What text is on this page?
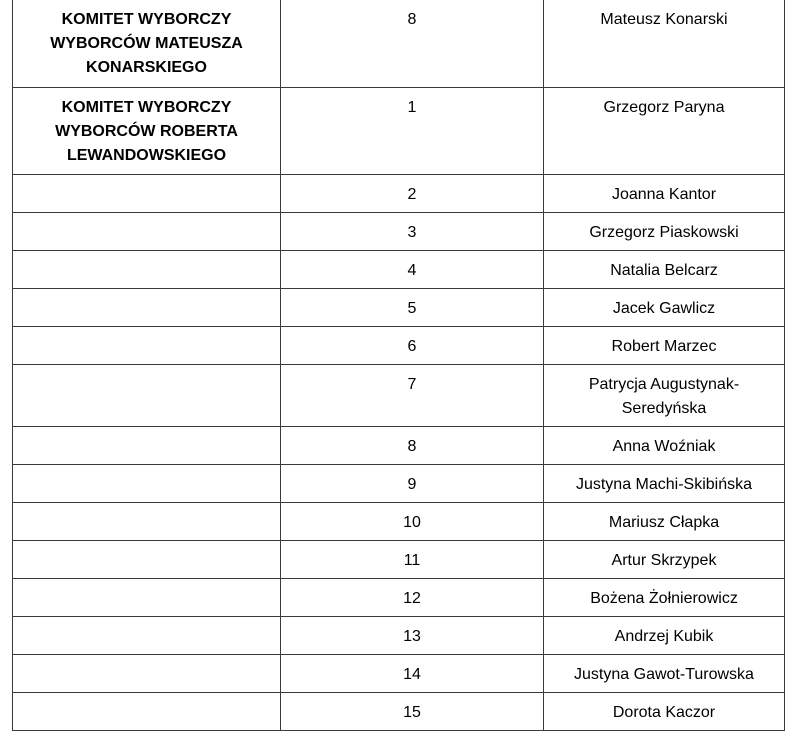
KOMITET WYBORCZY WYBORCÓW MATEUSZA KONARSKIEGO	8	Mateusz Konarski
KOMITET WYBORCZY WYBORCÓW ROBERTA LEWANDOWSKIEGO	1	Grzegorz Paryna
	2	Joanna Kantor
	3	Grzegorz Piaskowski
	4	Natalia Belcarz
	5	Jacek Gawlicz
	6	Robert Marzec
	7	Patrycja Augustynak-Seredyńska
	8	Anna Woźniak
	9	Justyna Machi-Skibińska
	10	Mariusz Cłapka
	11	Artur Skrzypek
	12	Bożena Żołnierowicz
	13	Andrzej Kubik
	14	Justyna Gawot-Turowska
	15	Dorota Kaczor
